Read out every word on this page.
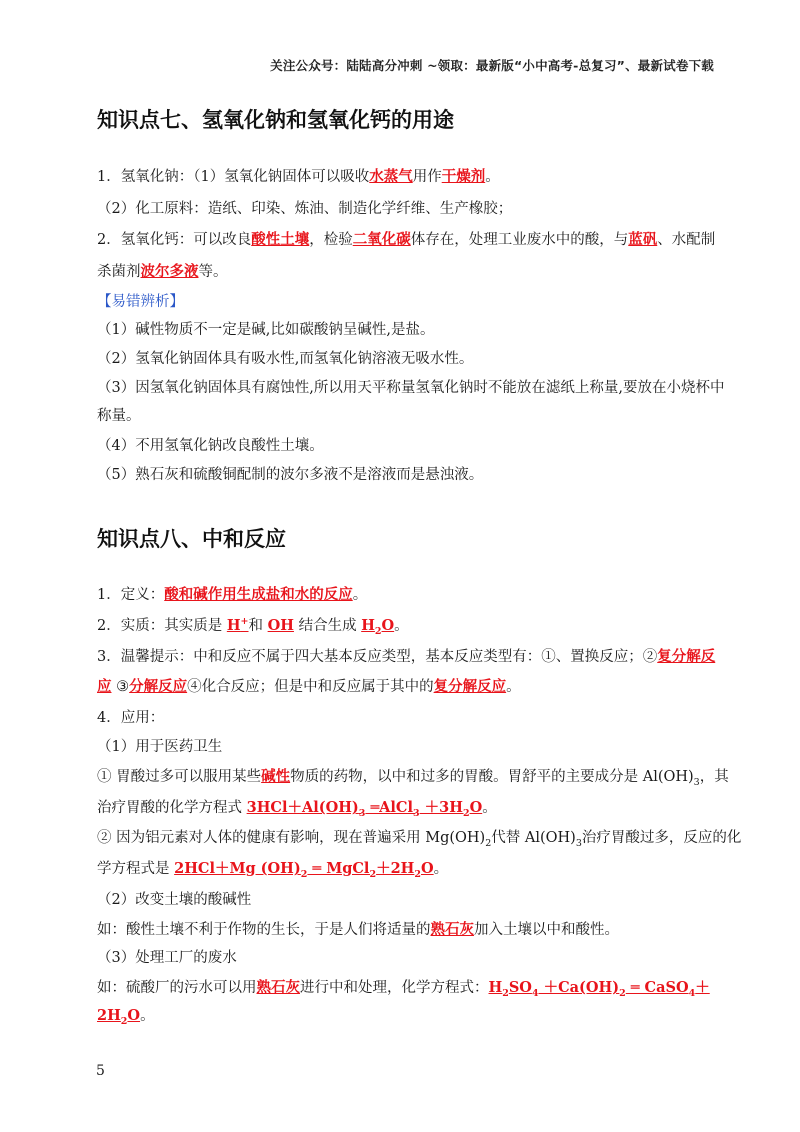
关注公众号：陆陆高分冲刺 ~领取：最新版“小中高考-总复习”、最新试卷下载
知识点七、氢氧化钠和氢氧化钙的用途
1．氢氧化钠：（1）氢氧化钠固体可以吸收水蒸气用作干燥剂。
（2）化工原料：造纸、印染、炼油、制造化学纤维、生产橡胶；
2．氢氧化钙：可以改良酸性土壤，检验二氧化碳体存在，处理工业废水中的酸，与蓝矾、水配制
杀菌剂波尔多液等。
【易错辨析】
（1）碱性物质不一定是碱,比如碳酸钠呈碱性,是盐。
（2）氢氧化钠固体具有吸水性,而氢氧化钠溶液无吸水性。
（3）因氢氧化钠固体具有腐蚀性,所以用天平称量氢氧化钠时不能放在滤纸上称量,要放在小烧杯中
称量。
（4）不用氢氧化钠改良酸性土壤。
（5）熟石灰和硫酸铜配制的波尔多液不是溶液而是悬浊液。
知识点八、中和反应
1．定义：酸和碱作用生成盐和水的反应。
2．实质：其实质是 H+和 OH 结合生成 $H_2O$。
3．温馨提示：中和反应不属于四大基本反应类型，基本反应类型有：①、置换反应；②复分解反
应 ③分解反应④化合反应；但是中和反应属于其中的复分解反应。
4．应用：
（1）用于医药卫生
① 胃酸过多可以服用某些碱性物质的药物，以中和过多的胃酸。胃舒平的主要成分是 $Al(OH)_3$，其
治疗胃酸的化学方程式 $3HCl+Al(OH)_3$ ═AlCl$_3$ $+3H_2O$。
② 因为铝元素对人体的健康有影响，现在普遍采用 $Mg(OH)_2$代替 $Al(OH)_3$治疗胃酸过多，反应的化
学方程式是 2HCl＋Mg $(OH)_2$ ═ $MgCl_2+2H_2O$。
（2）改变土壤的酸碱性
如：酸性土壤不利于作物的生长，于是人们将适量的熟石灰加入土壤以中和酸性。
（3）处理工厂的废水
如：硫酸厂的污水可以用熟石灰进行中和处理，化学方程式：$H_2SO_4 +Ca(OH)_2$ ═ CaSO$_4$＋
$2H_2O$。
5
